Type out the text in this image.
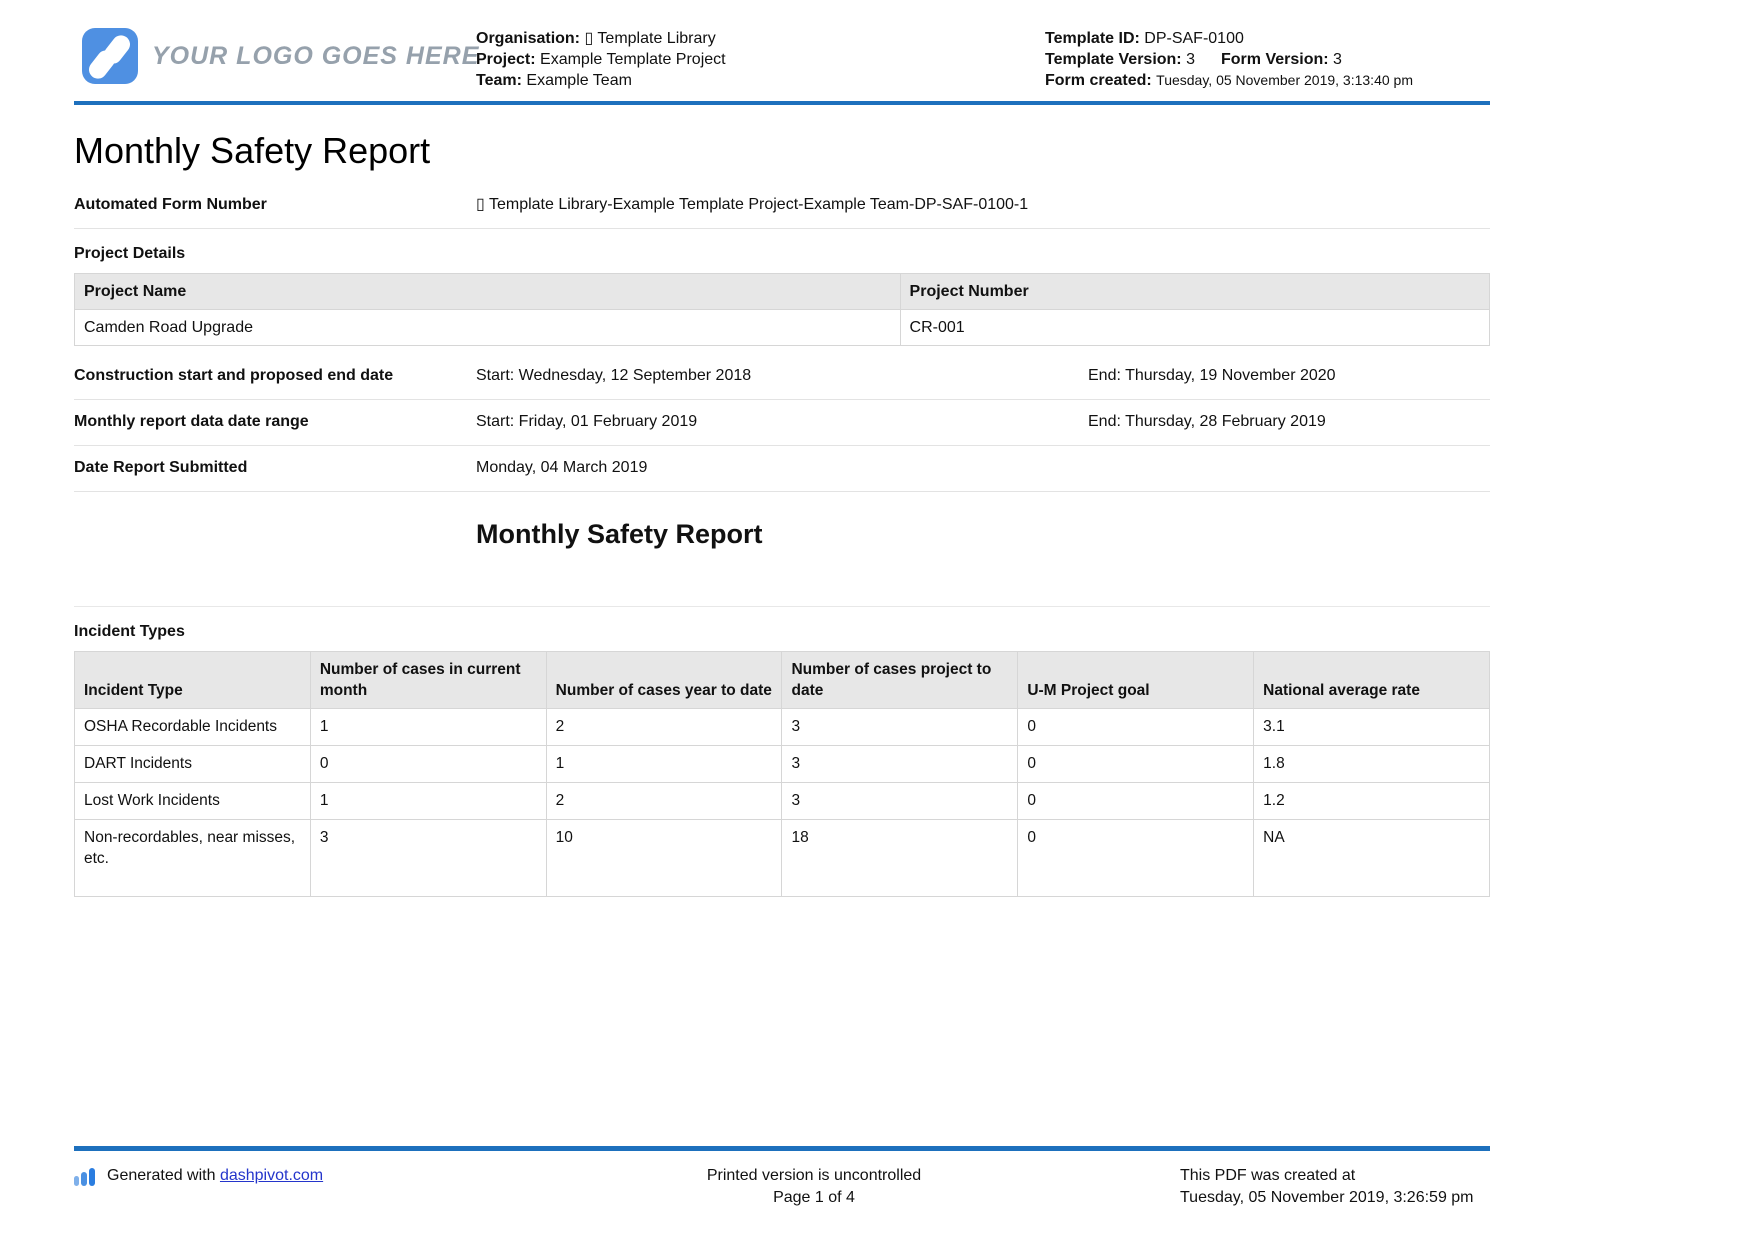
YOUR LOGO GOES HERE
Organisation: ▯ Template Library
Project: Example Template Project
Team: Example Team
Template ID: DP-SAF-0100
Template Version: 3 Form Version: 3
Form created: Tuesday, 05 November 2019, 3:13:40 pm
Monthly Safety Report
Automated Form Number	▯ Template Library-Example Template Project-Example Team-DP-SAF-0100-1
Project Details
Project Name	Project Number
Camden Road Upgrade	CR-001
Construction start and proposed end date	Start: Wednesday, 12 September 2018	End: Thursday, 19 November 2020
Monthly report data date range	Start: Friday, 01 February 2019	End: Thursday, 28 February 2019
Date Report Submitted	Monday, 04 March 2019
Monthly Safety Report
Incident Types
Incident Type	Number of cases in current month	Number of cases year to date	Number of cases project to date	U-M Project goal	National average rate
OSHA Recordable Incidents	1	2	3	0	3.1
DART Incidents	0	1	3	0	1.8
Lost Work Incidents	1	2	3	0	1.2
Non-recordables, near misses, etc.	3	10	18	0	NA
Generated with dashpivot.com	Printed version is uncontrolled
Page 1 of 4
This PDF was created at
Tuesday, 05 November 2019, 3:26:59 pm
